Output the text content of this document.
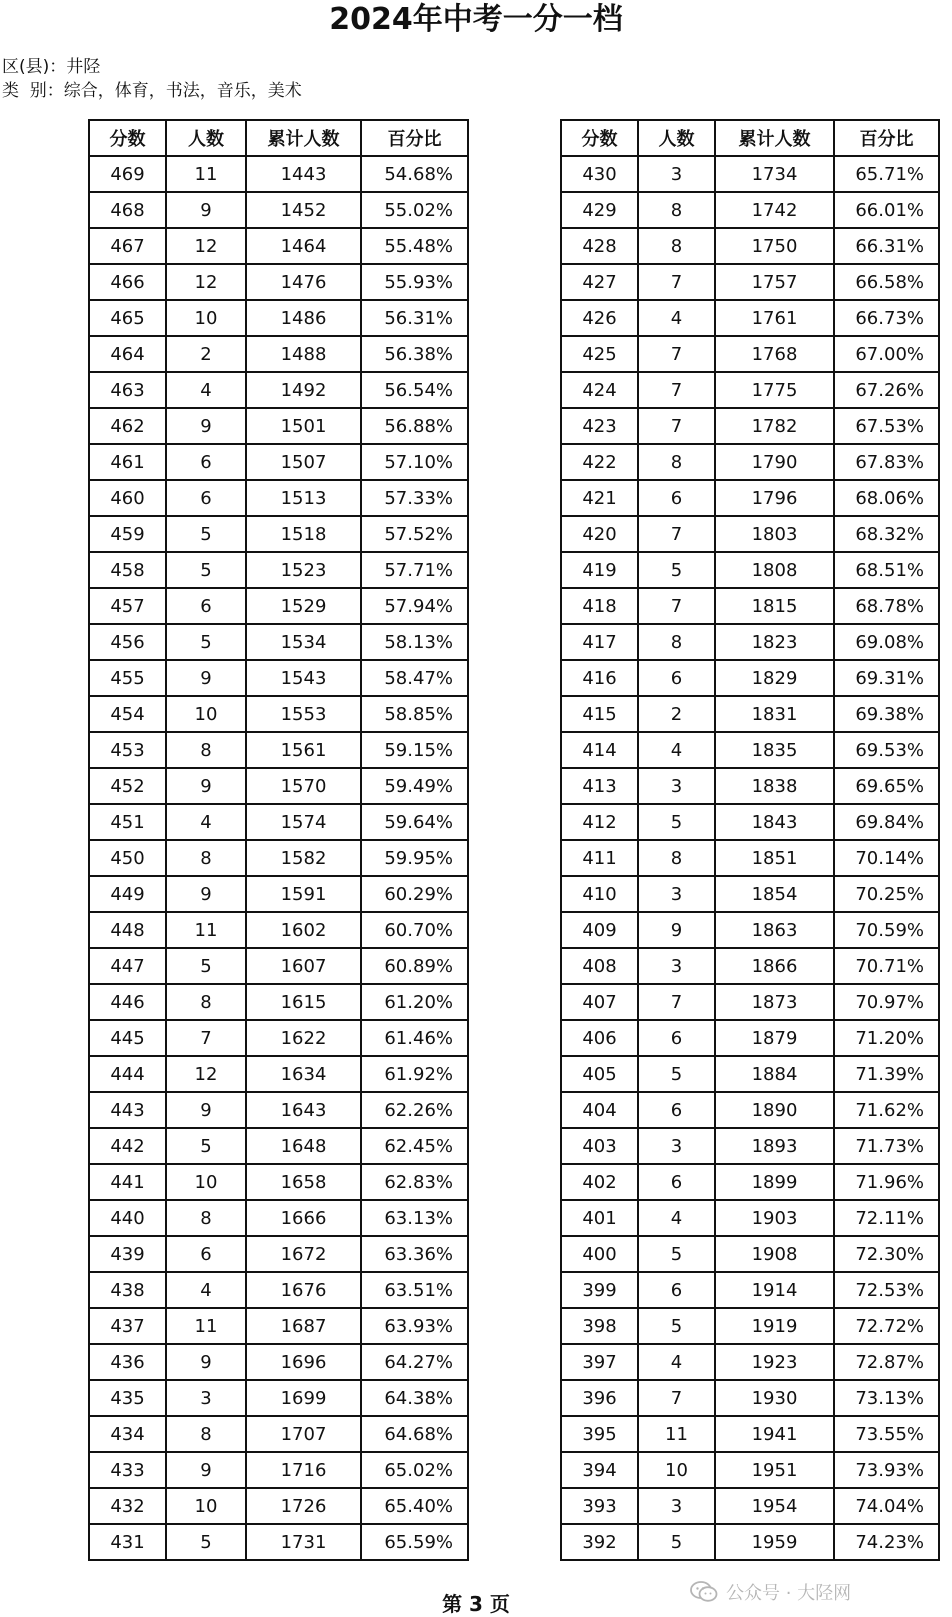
2024年中考一分一档
区(县)：井陉
类  别：综合，体育，书法，音乐，美术
分数	人数	累计人数	百分比
469	11	1443	54.68%
468	9	1452	55.02%
467	12	1464	55.48%
466	12	1476	55.93%
465	10	1486	56.31%
464	2	1488	56.38%
463	4	1492	56.54%
462	9	1501	56.88%
461	6	1507	57.10%
460	6	1513	57.33%
459	5	1518	57.52%
458	5	1523	57.71%
457	6	1529	57.94%
456	5	1534	58.13%
455	9	1543	58.47%
454	10	1553	58.85%
453	8	1561	59.15%
452	9	1570	59.49%
451	4	1574	59.64%
450	8	1582	59.95%
449	9	1591	60.29%
448	11	1602	60.70%
447	5	1607	60.89%
446	8	1615	61.20%
445	7	1622	61.46%
444	12	1634	61.92%
443	9	1643	62.26%
442	5	1648	62.45%
441	10	1658	62.83%
440	8	1666	63.13%
439	6	1672	63.36%
438	4	1676	63.51%
437	11	1687	63.93%
436	9	1696	64.27%
435	3	1699	64.38%
434	8	1707	64.68%
433	9	1716	65.02%
432	10	1726	65.40%
431	5	1731	65.59%
分数	人数	累计人数	百分比
430	3	1734	65.71%
429	8	1742	66.01%
428	8	1750	66.31%
427	7	1757	66.58%
426	4	1761	66.73%
425	7	1768	67.00%
424	7	1775	67.26%
423	7	1782	67.53%
422	8	1790	67.83%
421	6	1796	68.06%
420	7	1803	68.32%
419	5	1808	68.51%
418	7	1815	68.78%
417	8	1823	69.08%
416	6	1829	69.31%
415	2	1831	69.38%
414	4	1835	69.53%
413	3	1838	69.65%
412	5	1843	69.84%
411	8	1851	70.14%
410	3	1854	70.25%
409	9	1863	70.59%
408	3	1866	70.71%
407	7	1873	70.97%
406	6	1879	71.20%
405	5	1884	71.39%
404	6	1890	71.62%
403	3	1893	71.73%
402	6	1899	71.96%
401	4	1903	72.11%
400	5	1908	72.30%
399	6	1914	72.53%
398	5	1919	72.72%
397	4	1923	72.87%
396	7	1930	73.13%
395	11	1941	73.55%
394	10	1951	73.93%
393	3	1954	74.04%
392	5	1959	74.23%
公众号 · 大陉网
第 3 页
